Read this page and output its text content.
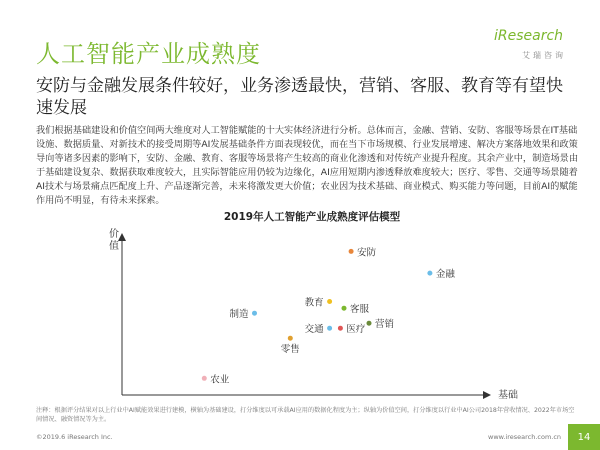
人工智能产业成熟度
iResearch
艾瑞咨询
安防与金融发展条件较好，业务渗透最快，营销、客服、教育等有望快速发展
我们根据基础建设和价值空间两大维度对人工智能赋能的十大实体经济进行分析。总体而言，金融、营销、安防、客服等场景在IT基础设施、数据质量、对新技术的接受周期等AI发展基础条件方面表现较优，而在当下市场规模、行业发展增速、解决方案落地效果和政策导向等诸多因素的影响下，安防、金融、教育、客服等场景将产生较高的商业化渗透和对传统产业提升程度。其余产业中，制造场景由于基础建设复杂、数据获取难度较大，且实际智能应用仍较为边缘化，AI应用短期内渗透释放难度较大；医疗、零售、交通等场景随着AI技术与场景痛点匹配度上升、产品逐渐完善，未来将激发更大价值；农业因为技术基础、商业模式、购买能力等问题，目前AI的赋能作用尚不明显，有待未来探索。
2019年人工智能产业成熟度评估模型
价值
基础
安防
金融
教育
客服
制造
营销
交通 医疗
零售
农业
注释：根据评分结果对以上行业中AI赋能效果进行建模，横轴为基础建设，打分维度以可承载AI应用的数据化程度为主；纵轴为价值空间，打分维度以行业中AI公司2018年营收情况、2022年市场空间情况、融资情况等为主。
©2019.6 iResearch Inc.	www.iresearch.com.cn	14
